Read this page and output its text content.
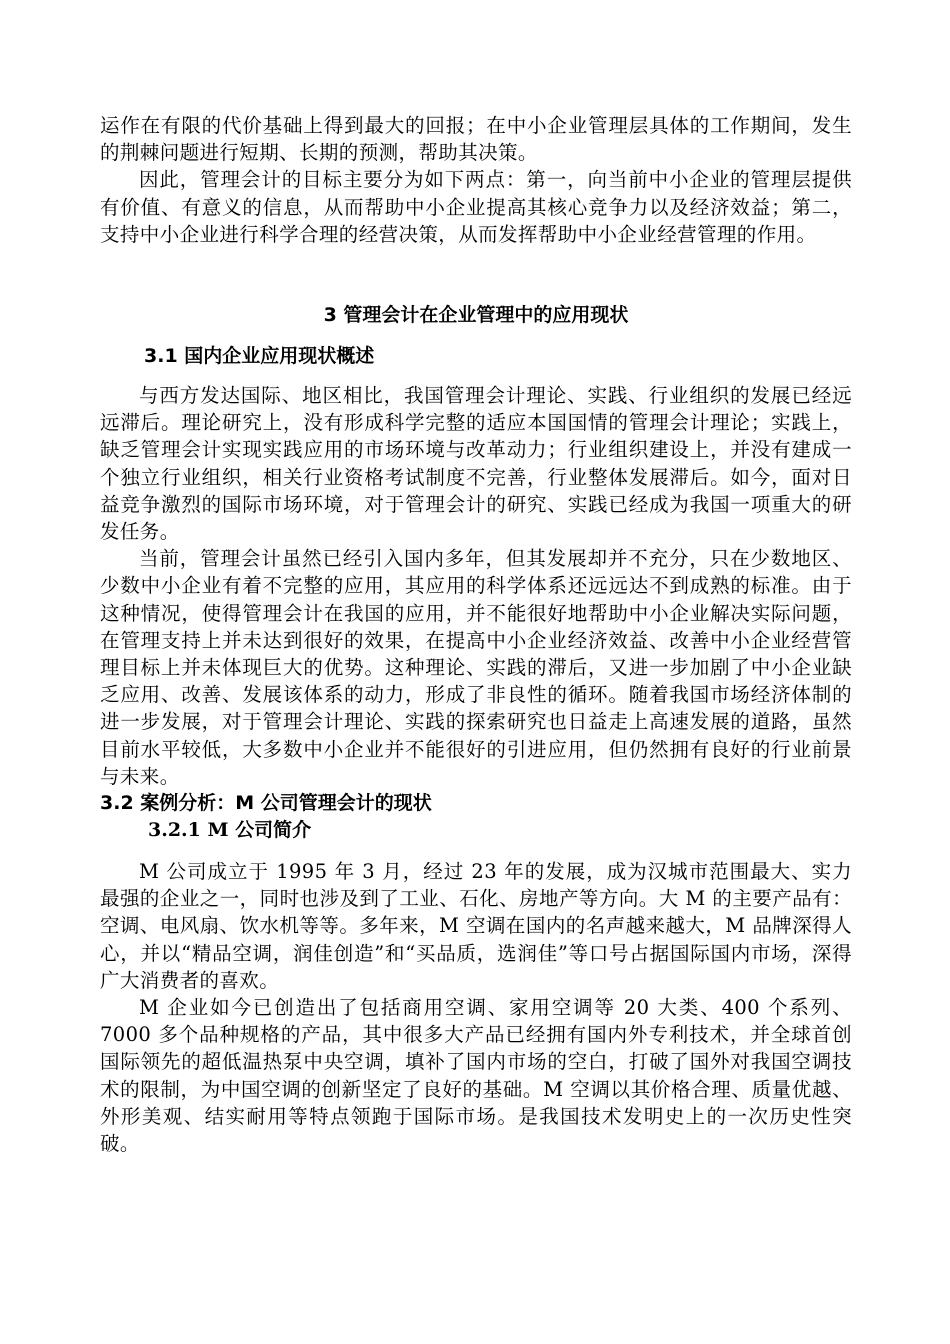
运作在有限的代价基础上得到最大的回报；在中小企业管理层具体的工作期间，发生的荆棘问题进行短期、长期的预测，帮助其决策。

因此，管理会计的目标主要分为如下两点：第一，向当前中小企业的管理层提供有价值、有意义的信息，从而帮助中小企业提高其核心竞争力以及经济效益；第二，支持中小企业进行科学合理的经营决策，从而发挥帮助中小企业经营管理的作用。

3 管理会计在企业管理中的应用现状
3.1 国内企业应用现状概述

与西方发达国际、地区相比，我国管理会计理论、实践、行业组织的发展已经远远滞后。理论研究上，没有形成科学完整的适应本国国情的管理会计理论；实践上，缺乏管理会计实现实践应用的市场环境与改革动力；行业组织建设上，并没有建成一个独立行业组织，相关行业资格考试制度不完善，行业整体发展滞后。如今，面对日益竞争激烈的国际市场环境，对于管理会计的研究、实践已经成为我国一项重大的研发任务。

当前，管理会计虽然已经引入国内多年，但其发展却并不充分，只在少数地区、少数中小企业有着不完整的应用，其应用的科学体系还远远达不到成熟的标准。由于这种情况，使得管理会计在我国的应用，并不能很好地帮助中小企业解决实际问题，在管理支持上并未达到很好的效果，在提高中小企业经济效益、改善中小企业经营管理目标上并未体现巨大的优势。这种理论、实践的滞后，又进一步加剧了中小企业缺乏应用、改善、发展该体系的动力，形成了非良性的循环。随着我国市场经济体制的进一步发展，对于管理会计理论、实践的探索研究也日益走上高速发展的道路，虽然目前水平较低，大多数中小企业并不能很好的引进应用，但仍然拥有良好的行业前景与未来。

3.2 案例分析：M 公司管理会计的现状
3.2.1 M 公司简介

M 公司成立于 1995 年 3 月，经过 23 年的发展，成为汉城市范围最大、实力最强的企业之一，同时也涉及到了工业、石化、房地产等方向。大 M 的主要产品有：空调、电风扇、饮水机等等。多年来，M 空调在国内的名声越来越大，M 品牌深得人心，并以“精品空调，润佳创造”和“买品质，选润佳”等口号占据国际国内市场，深得广大消费者的喜欢。

M 企业如今已创造出了包括商用空调、家用空调等 20 大类、400 个系列、7000 多个品种规格的产品，其中很多大产品已经拥有国内外专利技术，并全球首创国际领先的超低温热泵中央空调，填补了国内市场的空白，打破了国外对我国空调技术的限制，为中国空调的创新坚定了良好的基础。M 空调以其价格合理、质量优越、外形美观、结实耐用等特点领跑于国际市场。是我国技术发明史上的一次历史性突破。
